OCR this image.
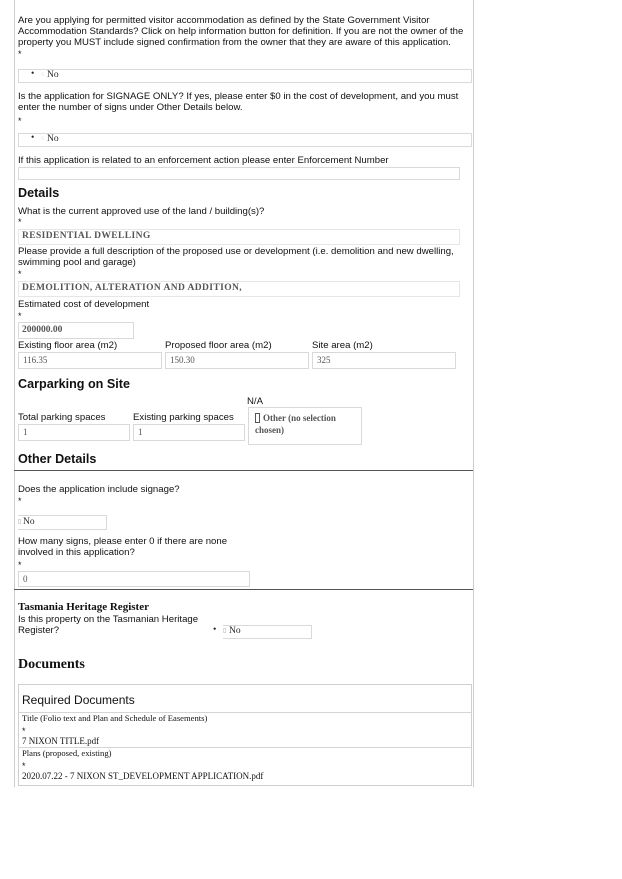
Are you applying for permitted visitor accommodation as defined by the State Government Visitor Accommodation Standards? Click on help information button for definition. If you are not the owner of the property you MUST include signed confirmation from the owner that they are aware of this application.
*
• ◌ No
Is the application for SIGNAGE ONLY? If yes, please enter $0 in the cost of development, and you must enter the number of signs under Other Details below.
*
• ◌ No
If this application is related to an enforcement action please enter Enforcement Number
Details
What is the current approved use of the land / building(s)?
*
RESIDENTIAL DWELLING
Please provide a full description of the proposed use or development (i.e. demolition and new dwelling, swimming pool and garage)
*
DEMOLITION, ALTERATION AND ADDITION,
Estimated cost of development
*
200000.00
Existing floor area (m2)	Proposed floor area (m2)	Site area (m2)
116.35	150.30	325
Carparking on Site
N/A
Total parking spaces	Existing parking spaces
1	1
Other (no selection chosen)
Other Details
Does the application include signage?
*
▯ No
How many signs, please enter 0 if there are none involved in this application?
*
0
Tasmania Heritage Register
Is this property on the Tasmanian Heritage Register?	• ▯ No
Documents
Required Documents
Title (Folio text and Plan and Schedule of Easements)
*
7 NIXON TITLE.pdf
Plans (proposed, existing)
*
2020.07.22 - 7 NIXON ST_DEVELOPMENT APPLICATION.pdf
